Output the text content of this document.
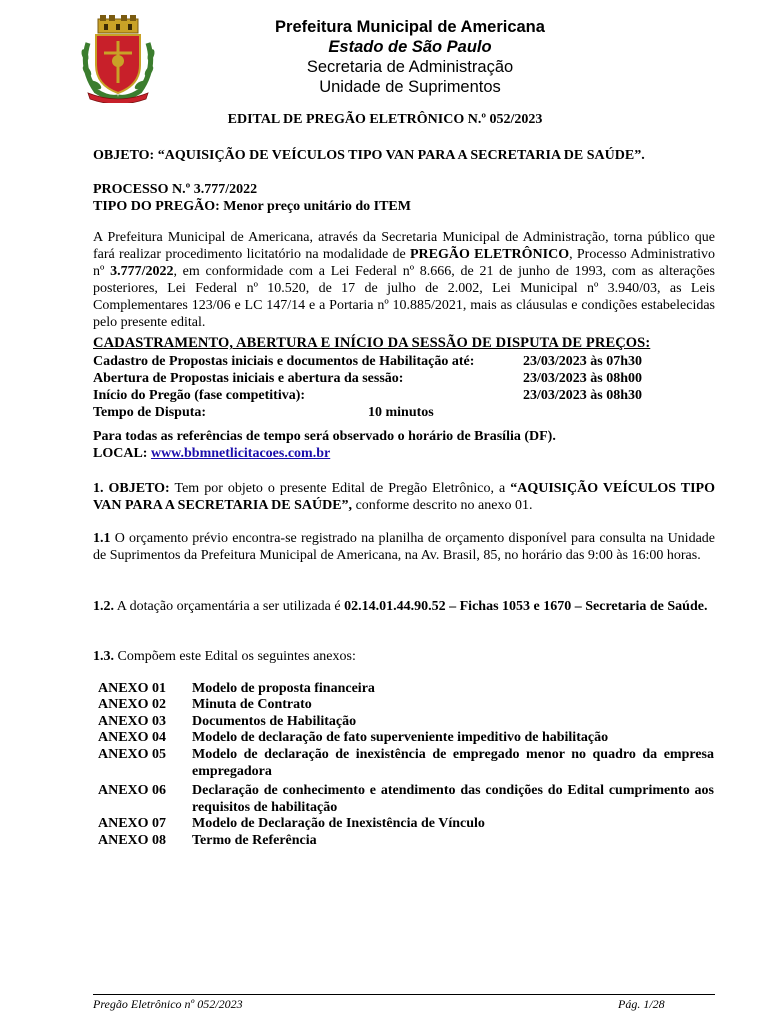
Prefeitura Municipal de Americana
Estado de São Paulo
Secretaria de Administração
Unidade de Suprimentos
EDITAL DE PREGÃO ELETRÔNICO N.º 052/2023
OBJETO: “AQUISIÇÃO DE VEÍCULOS TIPO VAN PARA A SECRETARIA DE SAÚDE”.
PROCESSO N.º 3.777/2022
TIPO DO PREGÃO: Menor preço unitário do ITEM
A Prefeitura Municipal de Americana, através da Secretaria Municipal de Administração, torna público que fará realizar procedimento licitatório na modalidade de PREGÃO ELETRÔNICO, Processo Administrativo nº 3.777/2022, em conformidade com a Lei Federal nº 8.666, de 21 de junho de 1993, com as alterações posteriores, Lei Federal nº 10.520, de 17 de julho de 2.002, Lei Municipal nº 3.940/03, as Leis Complementares 123/06 e LC 147/14 e a Portaria nº 10.885/2021, mais as cláusulas e condições estabelecidas pelo presente edital.
CADASTRAMENTO, ABERTURA E INÍCIO DA SESSÃO DE DISPUTA DE PREÇOS:
Cadastro de Propostas iniciais e documentos de Habilitação até:	23/03/2023 às 07h30
Abertura de Propostas iniciais e abertura da sessão:	23/03/2023 às 08h00
Início do Pregão (fase competitiva):	23/03/2023 às 08h30
Tempo de Disputa:	10 minutos
Para todas as referências de tempo será observado o horário de Brasília (DF).
LOCAL: www.bbmnetlicitacoes.com.br
1. OBJETO: Tem por objeto o presente Edital de Pregão Eletrônico, a “AQUISIÇÃO VEÍCULOS TIPO VAN PARA A SECRETARIA DE SAÚDE”, conforme descrito no anexo 01.
1.1 O orçamento prévio encontra-se registrado na planilha de orçamento disponível para consulta na Unidade de Suprimentos da Prefeitura Municipal de Americana, na Av. Brasil, 85, no horário das 9:00 às 16:00 horas.
1.2. A dotação orçamentária a ser utilizada é 02.14.01.44.90.52 – Fichas 1053 e 1670 – Secretaria de Saúde.
1.3. Compõem este Edital os seguintes anexos:
ANEXO 01 Modelo de proposta financeira
ANEXO 02 Minuta de Contrato
ANEXO 03 Documentos de Habilitação
ANEXO 04 Modelo de declaração de fato superveniente impeditivo de habilitação
ANEXO 05 Modelo de declaração de inexistência de empregado menor no quadro da empresa empregadora
ANEXO 06 Declaração de conhecimento e atendimento das condições do Edital cumprimento aos requisitos de habilitação
ANEXO 07 Modelo de Declaração de Inexistência de Vínculo
ANEXO 08 Termo de Referência
Pregão Eletrônico nº 052/2023	Pág. 1/28
